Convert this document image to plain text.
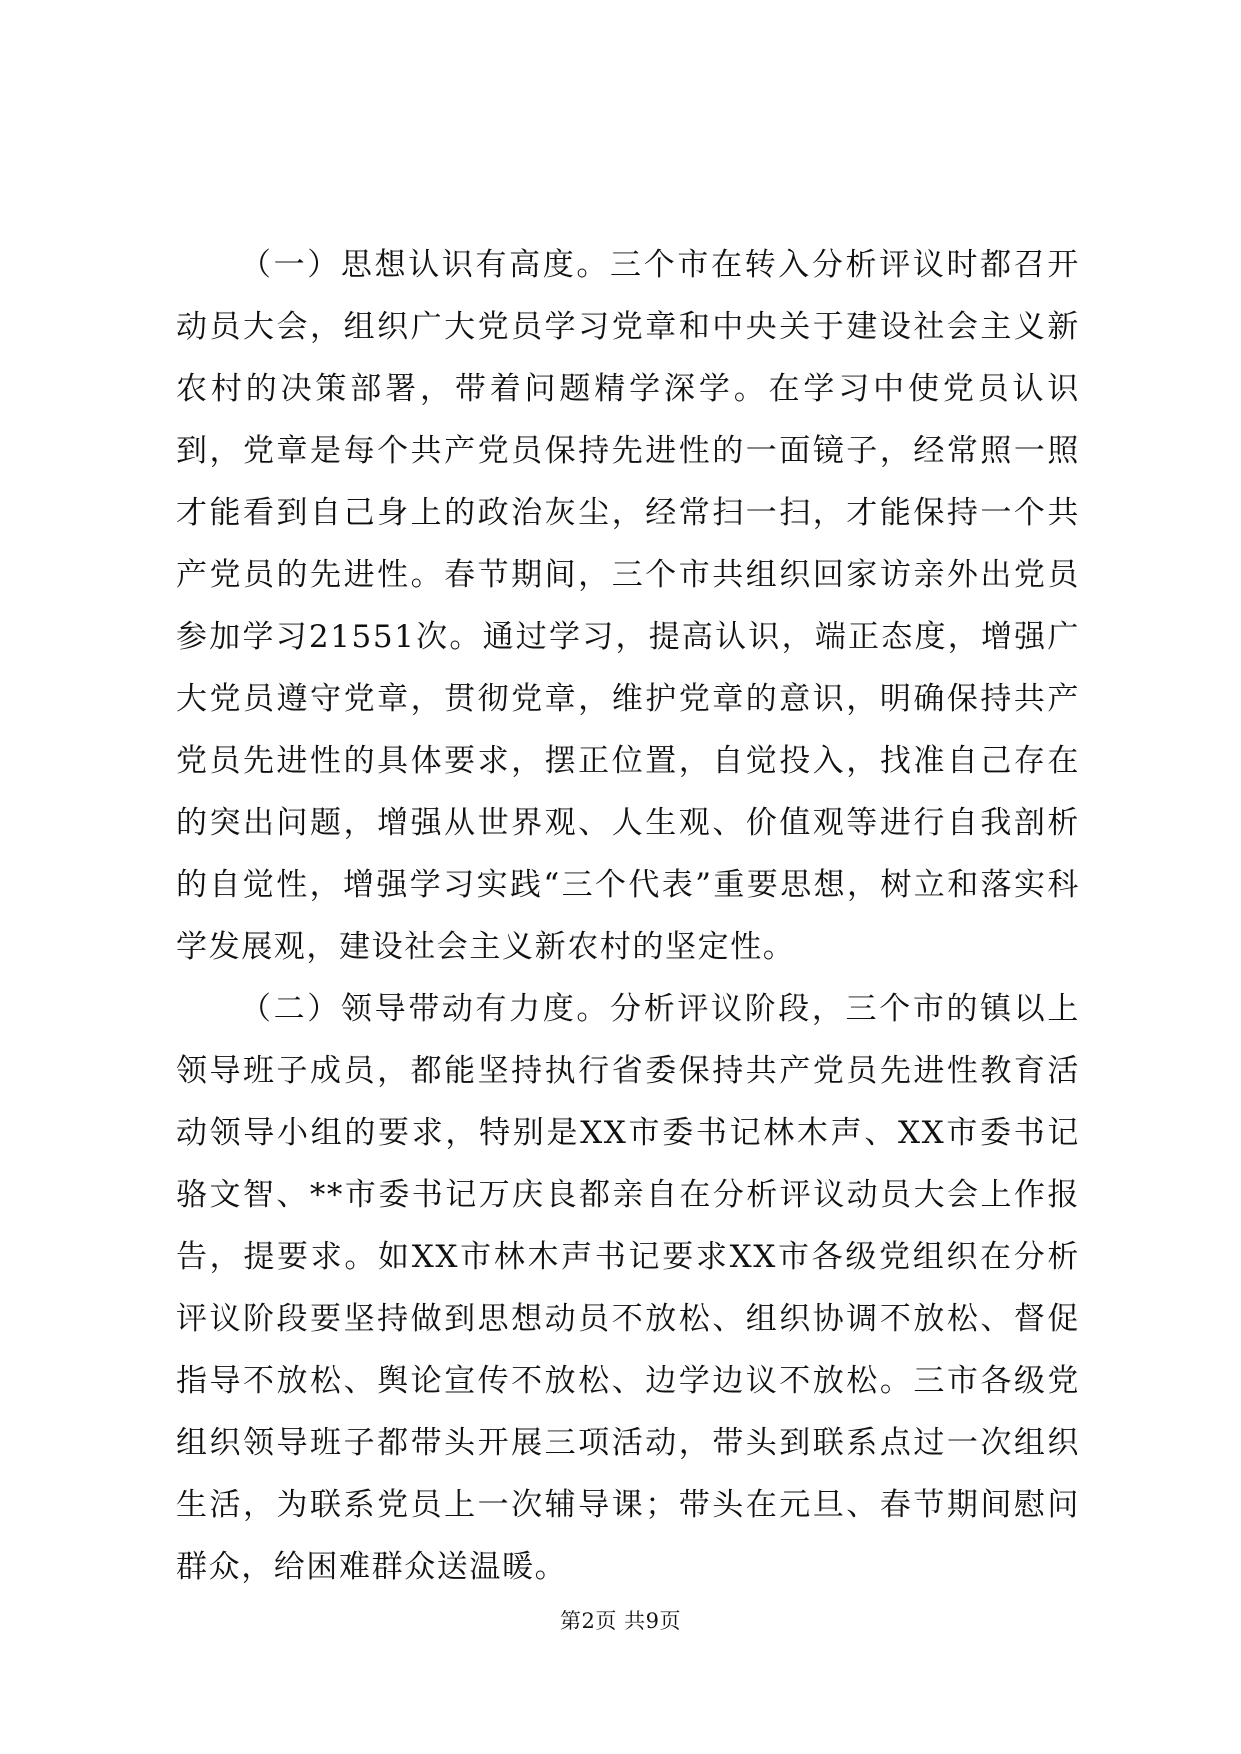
（一）思想认识有高度。三个市在转入分析评议时都召开动员大会，组织广大党员学习党章和中央关于建设社会主义新农村的决策部署，带着问题精学深学。在学习中使党员认识到，党章是每个共产党员保持先进性的一面镜子，经常照一照才能看到自己身上的政治灰尘，经常扫一扫，才能保持一个共产党员的先进性。春节期间，三个市共组织回家访亲外出党员参加学习21551次。通过学习，提高认识，端正态度，增强广大党员遵守党章，贯彻党章，维护党章的意识，明确保持共产党员先进性的具体要求，摆正位置，自觉投入，找准自己存在的突出问题，增强从世界观、人生观、价值观等进行自我剖析的自觉性，增强学习实践“三个代表”重要思想，树立和落实科学发展观，建设社会主义新农村的坚定性。

（二）领导带动有力度。分析评议阶段，三个市的镇以上领导班子成员，都能坚持执行省委保持共产党员先进性教育活动领导小组的要求，特别是XX市委书记林木声、XX市委书记骆文智、**市委书记万庆良都亲自在分析评议动员大会上作报告，提要求。如XX市林木声书记要求XX市各级党组织在分析评议阶段要坚持做到思想动员不放松、组织协调不放松、督促指导不放松、舆论宣传不放松、边学边议不放松。三市各级党组织领导班子都带头开展三项活动，带头到联系点过一次组织生活，为联系党员上一次辅导课；带头在元旦、春节期间慰问群众，给困难群众送温暖。

第2页 共9页
